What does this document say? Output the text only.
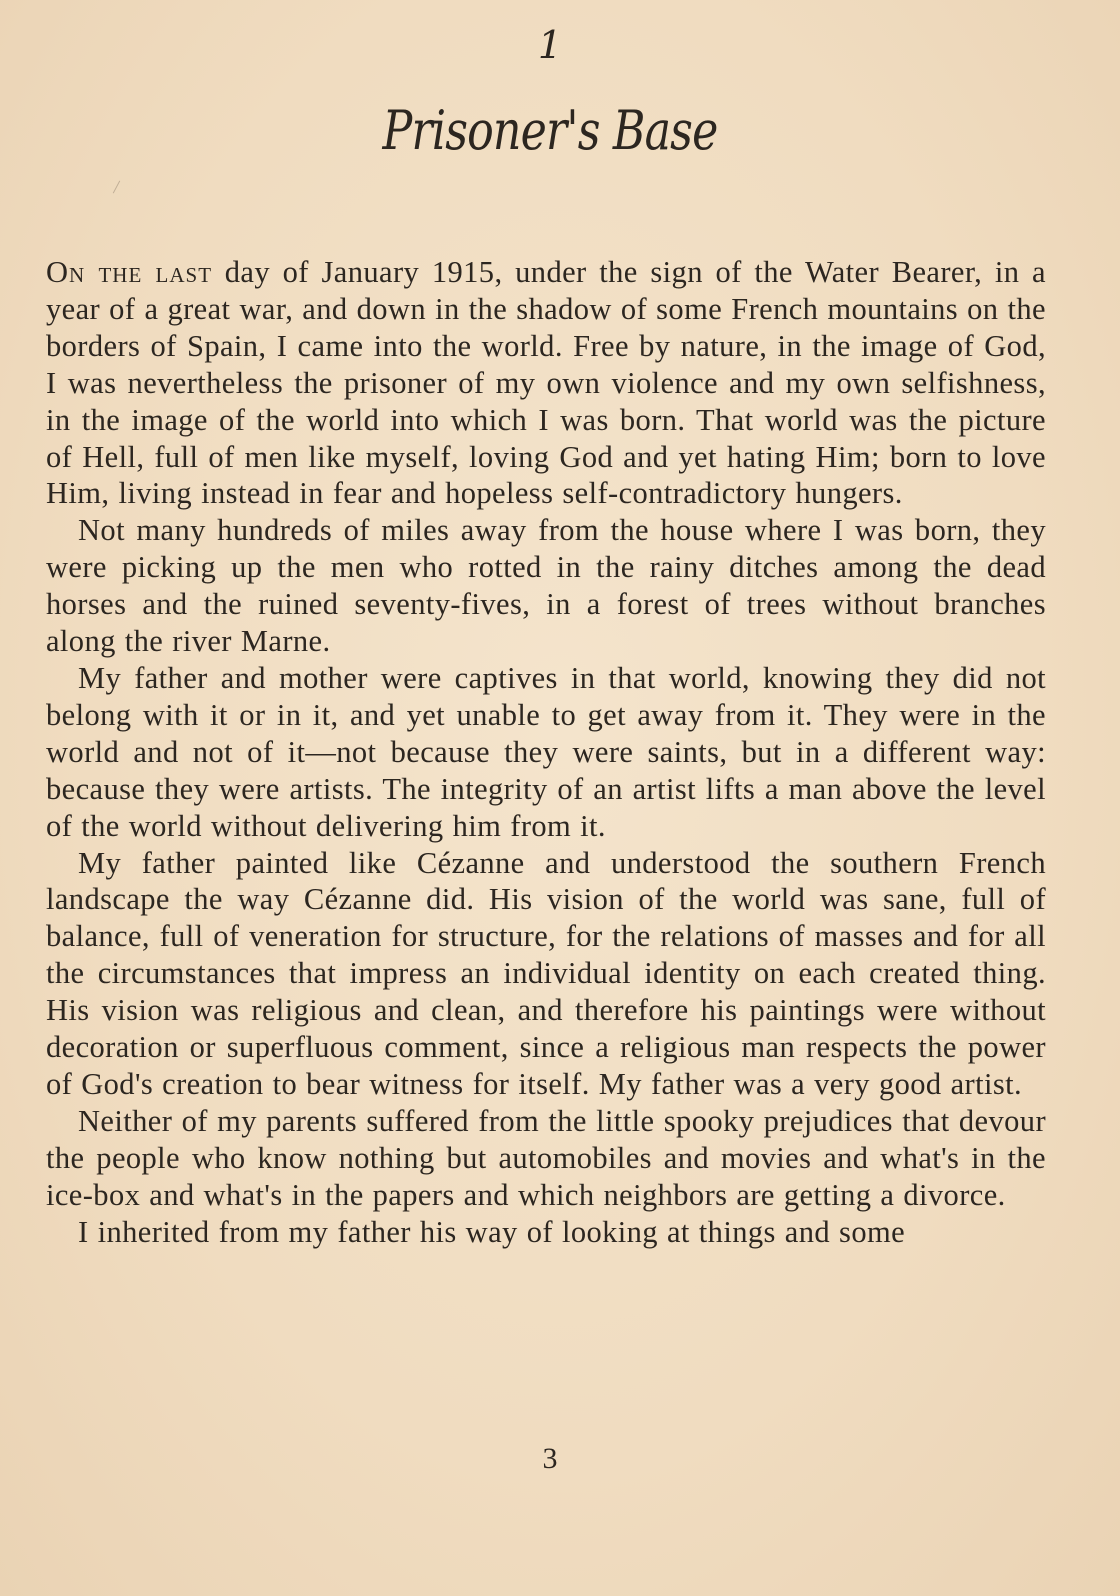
1
Prisoner's Base

On the last day of January 1915, under the sign of the Water Bearer, in a year of a great war, and down in the shadow of some French mountains on the borders of Spain, I came into the world. Free by nature, in the image of God, I was nevertheless the prisoner of my own violence and my own selfishness, in the image of the world into which I was born. That world was the picture of Hell, full of men like myself, loving God and yet hating Him; born to love Him, living instead in fear and hopeless self-contradictory hungers.

Not many hundreds of miles away from the house where I was born, they were picking up the men who rotted in the rainy ditches among the dead horses and the ruined seventy-fives, in a forest of trees without branches along the river Marne.

My father and mother were captives in that world, knowing they did not belong with it or in it, and yet unable to get away from it. They were in the world and not of it—not because they were saints, but in a different way: because they were artists. The integrity of an artist lifts a man above the level of the world without delivering him from it.

My father painted like Cézanne and understood the southern French landscape the way Cézanne did. His vision of the world was sane, full of balance, full of veneration for structure, for the relations of masses and for all the circumstances that impress an individual identity on each created thing. His vision was religious and clean, and therefore his paintings were without decoration or superfluous comment, since a religious man respects the power of God's creation to bear witness for itself. My father was a very good artist.

Neither of my parents suffered from the little spooky prejudices that devour the people who know nothing but automobiles and movies and what's in the ice-box and what's in the papers and which neighbors are getting a divorce.

I inherited from my father his way of looking at things and some

3
